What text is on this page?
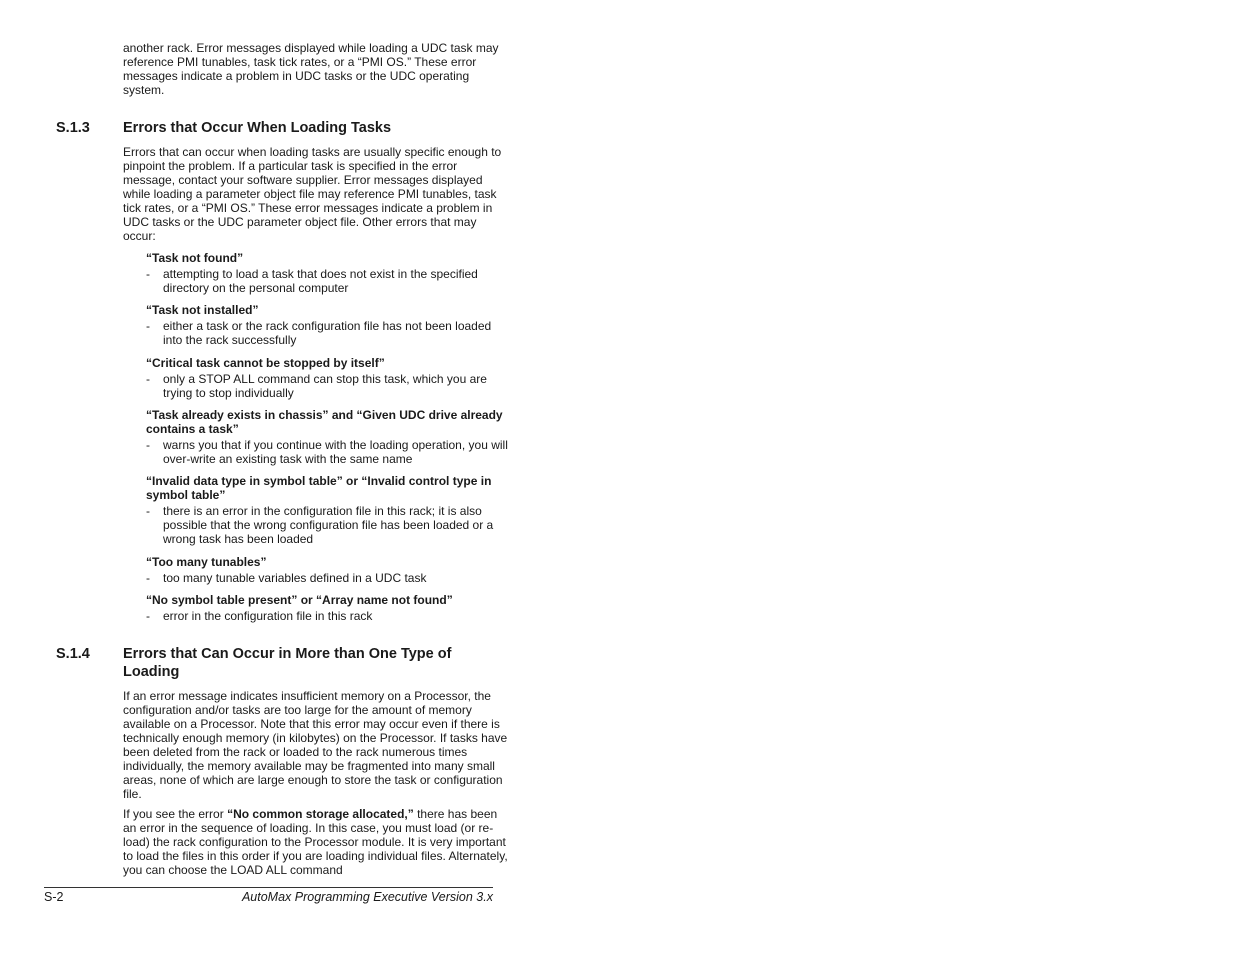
another rack. Error messages displayed while loading a UDC task may reference PMI tunables, task tick rates, or a “PMI OS.” These error messages indicate a problem in UDC tasks or the UDC operating system.

S.1.3 Errors that Occur When Loading Tasks

Errors that can occur when loading tasks are usually specific enough to pinpoint the problem. If a particular task is specified in the error message, contact your software supplier. Error messages displayed while loading a parameter object file may reference PMI tunables, task tick rates, or a “PMI OS.” These error messages indicate a problem in UDC tasks or the UDC parameter object file. Other errors that may occur:

“Task not found”

- attempting to load a task that does not exist in the specified directory on the personal computer

“Task not installed”

- either a task or the rack configuration file has not been loaded into the rack successfully

“Critical task cannot be stopped by itself”

- only a STOP ALL command can stop this task, which you are trying to stop individually

“Task already exists in chassis” and “Given UDC drive already contains a task”

- warns you that if you continue with the loading operation, you will over-write an existing task with the same name

“Invalid data type in symbol table” or “Invalid control type in symbol table”

- there is an error in the configuration file in this rack; it is also possible that the wrong configuration file has been loaded or a wrong task has been loaded

“Too many tunables”

- too many tunable variables defined in a UDC task

“No symbol table present” or “Array name not found”

- error in the configuration file in this rack

S.1.4 Errors that Can Occur in More than One Type of Loading

If an error message indicates insufficient memory on a Processor, the configuration and/or tasks are too large for the amount of memory available on a Processor. Note that this error may occur even if there is technically enough memory (in kilobytes) on the Processor. If tasks have been deleted from the rack or loaded to the rack numerous times individually, the memory available may be fragmented into many small areas, none of which are large enough to store the task or configuration file.

If you see the error “No common storage allocated,” there has been an error in the sequence of loading. In this case, you must load (or re-load) the rack configuration to the Processor module. It is very important to load the files in this order if you are loading individual files. Alternately, you can choose the LOAD ALL command

S-2	AutoMax Programming Executive Version 3.x
